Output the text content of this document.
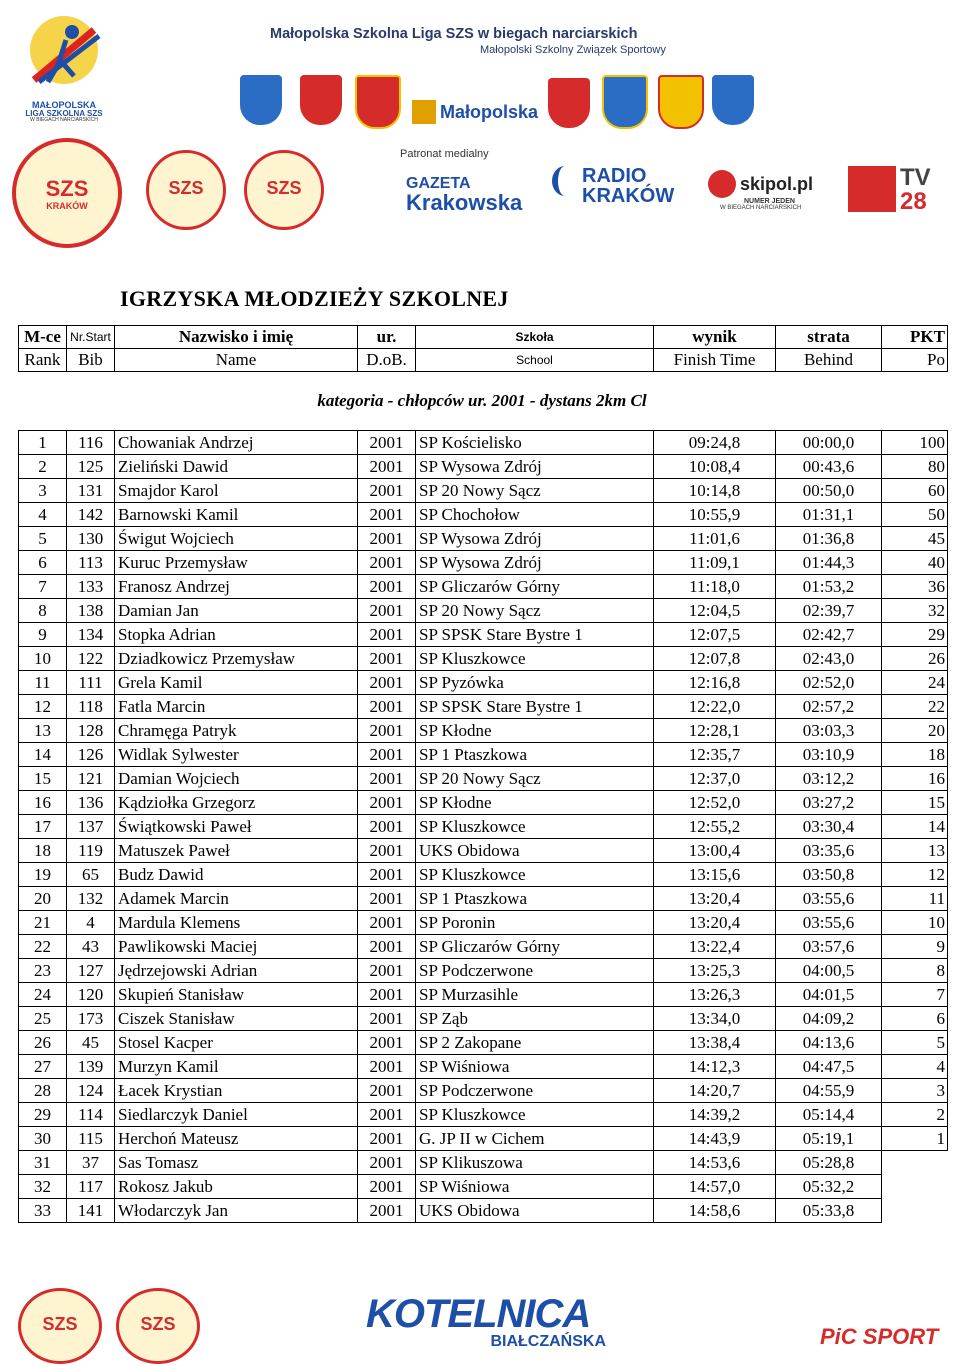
MAŁOPOLSKA
LIGA SZKOLNA SZS
W BIEGACH NARCIARSKICH
Małopolska Szkolna Liga SZS w biegach narciarskich
Małopolski Szkolny Związek Sportowy
Małopolska
SZS
KRAKÓW
SZS	SZS
Patronat medialny
GAZETA
Krakowska

RADIO
KRAKÓW
skipol.pl
NUMER JEDEN
W BIEGACH NARCIARSKICH

TV
28
IGRZYSKA MŁODZIEŻY SZKOLNEJ
M-ce	Nr.Start	Nazwisko i imię	ur.	Szkoła	wynik	strata	PKT
Rank	Bib	Name	D.oB.	School	Finish Time	Behind	Po
kategoria - chłopców ur. 2001 - dystans 2km Cl							
1	116	Chowaniak Andrzej	2001	SP Kościelisko	09:24,8	00:00,0	100
2	125	Zieliński Dawid	2001	SP Wysowa Zdrój	10:08,4	00:43,6	80
3	131	Smajdor Karol	2001	SP 20 Nowy Sącz	10:14,8	00:50,0	60
4	142	Barnowski Kamil	2001	SP Chochołow	10:55,9	01:31,1	50
5	130	Świgut Wojciech	2001	SP Wysowa Zdrój	11:01,6	01:36,8	45
6	113	Kuruc Przemysław	2001	SP Wysowa Zdrój	11:09,1	01:44,3	40
7	133	Franosz Andrzej	2001	SP Gliczarów Górny	11:18,0	01:53,2	36
8	138	Damian Jan	2001	SP 20 Nowy Sącz	12:04,5	02:39,7	32
9	134	Stopka Adrian	2001	SP SPSK Stare Bystre 1	12:07,5	02:42,7	29
10	122	Dziadkowicz Przemysław	2001	SP Kluszkowce	12:07,8	02:43,0	26
11	111	Grela Kamil	2001	SP Pyzówka	12:16,8	02:52,0	24
12	118	Fatla Marcin	2001	SP SPSK Stare Bystre 1	12:22,0	02:57,2	22
13	128	Chramęga Patryk	2001	SP Kłodne	12:28,1	03:03,3	20
14	126	Widlak Sylwester	2001	SP 1 Ptaszkowa	12:35,7	03:10,9	18
15	121	Damian Wojciech	2001	SP 20 Nowy Sącz	12:37,0	03:12,2	16
16	136	Kądziołka Grzegorz	2001	SP Kłodne	12:52,0	03:27,2	15
17	137	Świątkowski Paweł	2001	SP Kluszkowce	12:55,2	03:30,4	14
18	119	Matuszek Paweł	2001	UKS Obidowa	13:00,4	03:35,6	13
19	65	Budz Dawid	2001	SP Kluszkowce	13:15,6	03:50,8	12
20	132	Adamek Marcin	2001	SP 1 Ptaszkowa	13:20,4	03:55,6	11
21	4	Mardula Klemens	2001	SP Poronin	13:20,4	03:55,6	10
22	43	Pawlikowski Maciej	2001	SP Gliczarów Górny	13:22,4	03:57,6	9
23	127	Jędrzejowski Adrian	2001	SP Podczerwone	13:25,3	04:00,5	8
24	120	Skupień Stanisław	2001	SP Murzasihle	13:26,3	04:01,5	7
25	173	Ciszek Stanisław	2001	SP Ząb	13:34,0	04:09,2	6
26	45	Stosel Kacper	2001	SP 2 Zakopane	13:38,4	04:13,6	5
27	139	Murzyn Kamil	2001	SP Wiśniowa	14:12,3	04:47,5	4
28	124	Łacek Krystian	2001	SP Podczerwone	14:20,7	04:55,9	3
29	114	Siedlarczyk Daniel	2001	SP Kluszkowce	14:39,2	05:14,4	2
30	115	Herchoń Mateusz	2001	G. JP II w Cichem	14:43,9	05:19,1	1
31	37	Sas Tomasz	2001	SP Klikuszowa	14:53,6	05:28,8	
32	117	Rokosz Jakub	2001	SP Wiśniowa	14:57,0	05:32,2	
33	141	Włodarczyk Jan	2001	UKS Obidowa	14:58,6	05:33,8	
SZS	SZS	KOTELNICA
BIAŁCZAŃSKA	PiC SPORT
